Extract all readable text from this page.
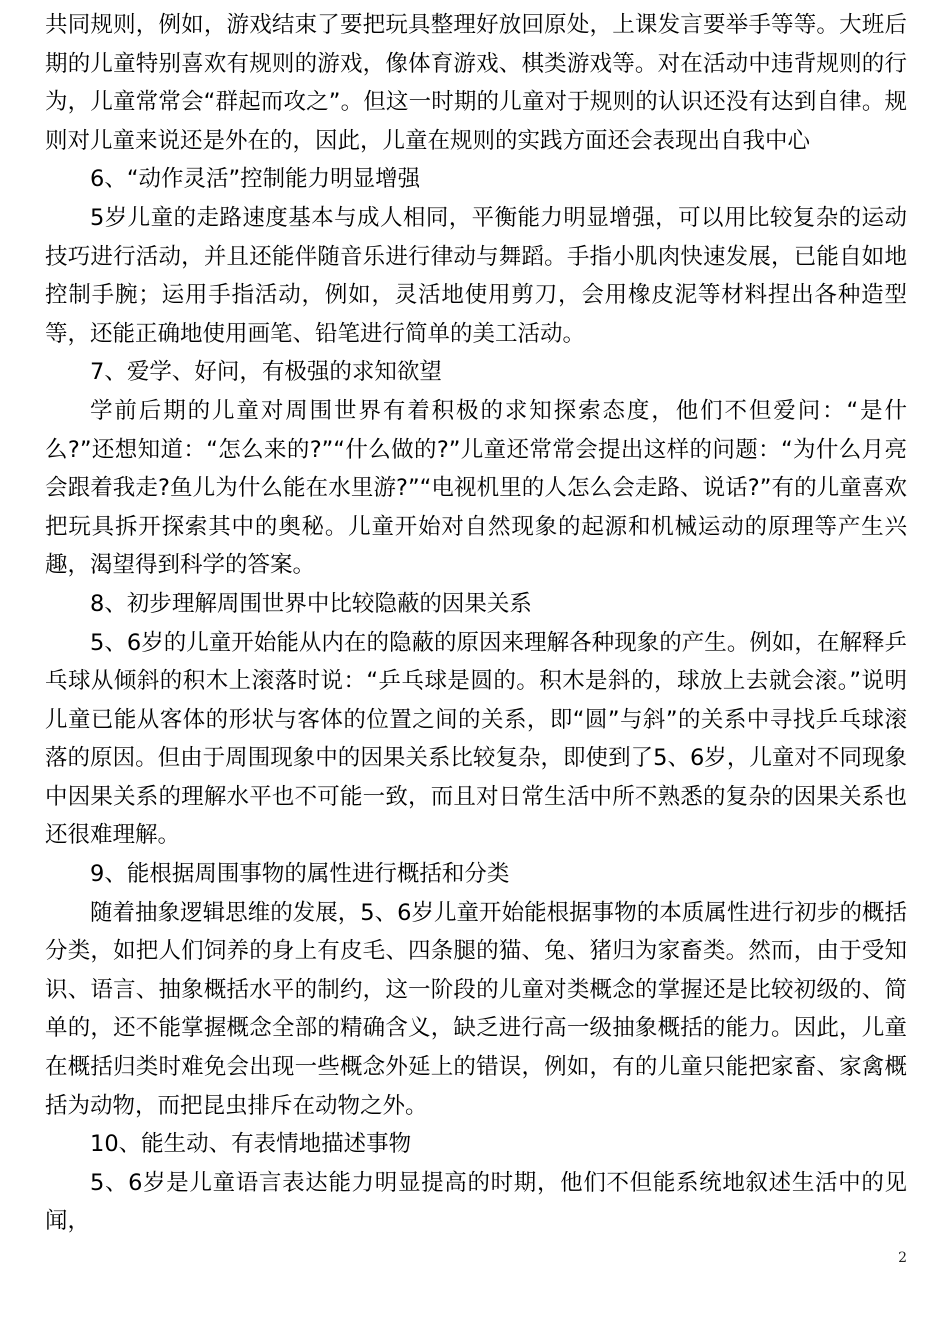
共同规则，例如，游戏结束了要把玩具整理好放回原处，上课发言要举手等等。大班后期的儿童特别喜欢有规则的游戏，像体育游戏、棋类游戏等。对在活动中违背规则的行为，儿童常常会“群起而攻之”。但这一时期的儿童对于规则的认识还没有达到自律。规则对儿童来说还是外在的，因此，儿童在规则的实践方面还会表现出自我中心

6、“动作灵活”控制能力明显增强

5岁儿童的走路速度基本与成人相同，平衡能力明显增强，可以用比较复杂的运动技巧进行活动，并且还能伴随音乐进行律动与舞蹈。手指小肌肉快速发展，已能自如地控制手腕；运用手指活动，例如，灵活地使用剪刀，会用橡皮泥等材料捏出各种造型等，还能正确地使用画笔、铅笔进行简单的美工活动。

7、爱学、好问，有极强的求知欲望

学前后期的儿童对周围世界有着积极的求知探索态度，他们不但爱问：“是什么?”还想知道：“怎么来的?”“什么做的?”儿童还常常会提出这样的问题：“为什么月亮会跟着我走?鱼儿为什么能在水里游?”“电视机里的人怎么会走路、说话?”有的儿童喜欢把玩具拆开探索其中的奥秘。儿童开始对自然现象的起源和机械运动的原理等产生兴趣，渴望得到科学的答案。

8、初步理解周围世界中比较隐蔽的因果关系

5、6岁的儿童开始能从内在的隐蔽的原因来理解各种现象的产生。例如，在解释乒乓球从倾斜的积木上滚落时说：“乒乓球是圆的。积木是斜的，球放上去就会滚。”说明儿童已能从客体的形状与客体的位置之间的关系，即“圆”与斜”的关系中寻找乒乓球滚落的原因。但由于周围现象中的因果关系比较复杂，即使到了5、6岁，儿童对不同现象中因果关系的理解水平也不可能一致，而且对日常生活中所不熟悉的复杂的因果关系也还很难理解。

9、能根据周围事物的属性进行概括和分类

随着抽象逻辑思维的发展，5、6岁儿童开始能根据事物的本质属性进行初步的概括分类，如把人们饲养的身上有皮毛、四条腿的猫、兔、猪归为家畜类。然而，由于受知识、语言、抽象概括水平的制约，这一阶段的儿童对类概念的掌握还是比较初级的、简单的，还不能掌握概念全部的精确含义，缺乏进行高一级抽象概括的能力。因此，儿童在概括归类时难免会出现一些概念外延上的错误，例如，有的儿童只能把家畜、家禽概括为动物，而把昆虫排斥在动物之外。

10、能生动、有表情地描述事物

5、6岁是儿童语言表达能力明显提高的时期，他们不但能系统地叙述生活中的见闻，

2
